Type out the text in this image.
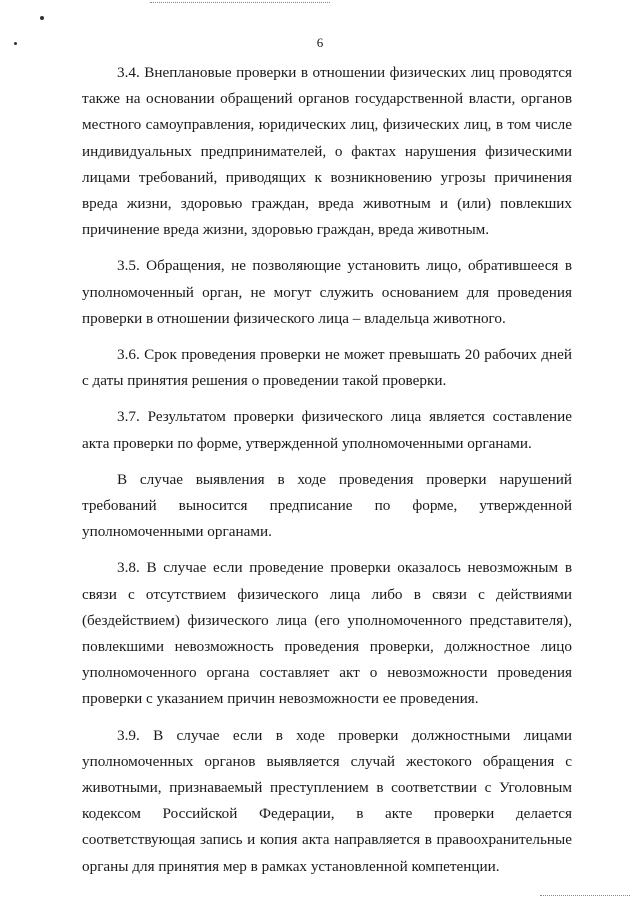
6

3.4. Внеплановые проверки в отношении физических лиц проводятся также на основании обращений органов государственной власти, органов местного самоуправления, юридических лиц, физических лиц, в том числе индивидуальных предпринимателей, о фактах нарушения физическими лицами требований, приводящих к возникновению угрозы причинения вреда жизни, здоровью граждан, вреда животным и (или) повлекших причинение вреда жизни, здоровью граждан, вреда животным.

3.5. Обращения, не позволяющие установить лицо, обратившееся в уполномоченный орган, не могут служить основанием для проведения проверки в отношении физического лица – владельца животного.

3.6. Срок проведения проверки не может превышать 20 рабочих дней с даты принятия решения о проведении такой проверки.

3.7. Результатом проверки физического лица является составление акта проверки по форме, утвержденной уполномоченными органами.

В случае выявления в ходе проведения проверки нарушений требований выносится предписание по форме, утвержденной уполномоченными органами.

3.8. В случае если проведение проверки оказалось невозможным в связи с отсутствием физического лица либо в связи с действиями (бездействием) физического лица (его уполномоченного представителя), повлекшими невозможность проведения проверки, должностное лицо уполномоченного органа составляет акт о невозможности проведения проверки с указанием причин невозможности ее проведения.

3.9. В случае если в ходе проверки должностными лицами уполномоченных органов выявляется случай жестокого обращения с животными, признаваемый преступлением в соответствии с Уголовным кодексом Российской Федерации, в акте проверки делается соответствующая запись и копия акта направляется в правоохранительные органы для принятия мер в рамках установленной компетенции.
